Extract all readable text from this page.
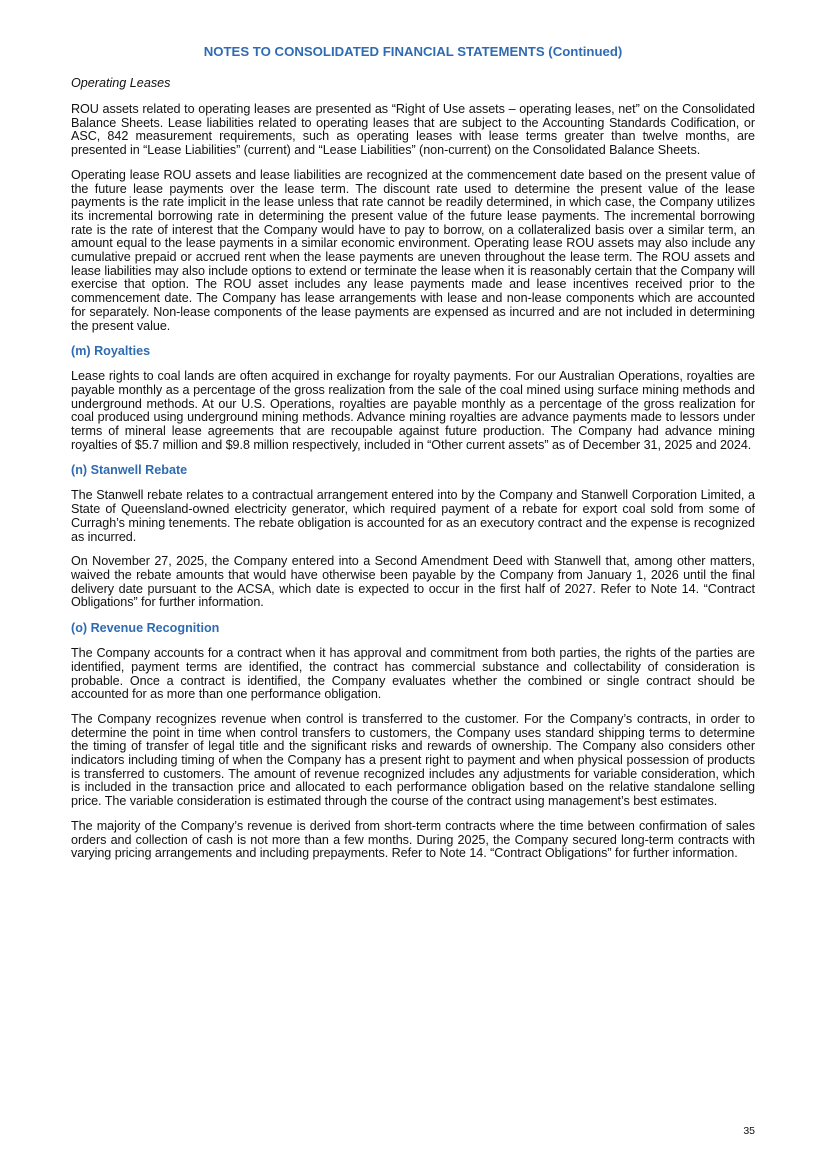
NOTES TO CONSOLIDATED FINANCIAL STATEMENTS (Continued)
Operating Leases

ROU assets related to operating leases are presented as “Right of Use assets – operating leases, net” on the Consolidated Balance Sheets. Lease liabilities related to operating leases that are subject to the Accounting Standards Codification, or ASC, 842 measurement requirements, such as operating leases with lease terms greater than twelve months, are presented in “Lease Liabilities” (current) and “Lease Liabilities” (non-current) on the Consolidated Balance Sheets.

Operating lease ROU assets and lease liabilities are recognized at the commencement date based on the present value of the future lease payments over the lease term. The discount rate used to determine the present value of the lease payments is the rate implicit in the lease unless that rate cannot be readily determined, in which case, the Company utilizes its incremental borrowing rate in determining the present value of the future lease payments. The incremental borrowing rate is the rate of interest that the Company would have to pay to borrow, on a collateralized basis over a similar term, an amount equal to the lease payments in a similar economic environment. Operating lease ROU assets may also include any cumulative prepaid or accrued rent when the lease payments are uneven throughout the lease term. The ROU assets and lease liabilities may also include options to extend or terminate the lease when it is reasonably certain that the Company will exercise that option. The ROU asset includes any lease payments made and lease incentives received prior to the commencement date. The Company has lease arrangements with lease and non-lease components which are accounted for separately. Non-lease components of the lease payments are expensed as incurred and are not included in determining the present value.

(m) Royalties

Lease rights to coal lands are often acquired in exchange for royalty payments. For our Australian Operations, royalties are payable monthly as a percentage of the gross realization from the sale of the coal mined using surface mining methods and underground methods. At our U.S. Operations, royalties are payable monthly as a percentage of the gross realization for coal produced using underground mining methods. Advance mining royalties are advance payments made to lessors under terms of mineral lease agreements that are recoupable against future production. The Company had advance mining royalties of $5.7 million and $9.8 million respectively, included in “Other current assets” as of December 31, 2025 and 2024.

(n) Stanwell Rebate

The Stanwell rebate relates to a contractual arrangement entered into by the Company and Stanwell Corporation Limited, a State of Queensland-owned electricity generator, which required payment of a rebate for export coal sold from some of Curragh’s mining tenements. The rebate obligation is accounted for as an executory contract and the expense is recognized as incurred.

On November 27, 2025, the Company entered into a Second Amendment Deed with Stanwell that, among other matters, waived the rebate amounts that would have otherwise been payable by the Company from January 1, 2026 until the final delivery date pursuant to the ACSA, which date is expected to occur in the first half of 2027. Refer to Note 14. “Contract Obligations” for further information.

(o) Revenue Recognition

The Company accounts for a contract when it has approval and commitment from both parties, the rights of the parties are identified, payment terms are identified, the contract has commercial substance and collectability of consideration is probable. Once a contract is identified, the Company evaluates whether the combined or single contract should be accounted for as more than one performance obligation.

The Company recognizes revenue when control is transferred to the customer. For the Company’s contracts, in order to determine the point in time when control transfers to customers, the Company uses standard shipping terms to determine the timing of transfer of legal title and the significant risks and rewards of ownership. The Company also considers other indicators including timing of when the Company has a present right to payment and when physical possession of products is transferred to customers. The amount of revenue recognized includes any adjustments for variable consideration, which is included in the transaction price and allocated to each performance obligation based on the relative standalone selling price. The variable consideration is estimated through the course of the contract using management’s best estimates.

The majority of the Company’s revenue is derived from short-term contracts where the time between confirmation of sales orders and collection of cash is not more than a few months. During 2025, the Company secured long-term contracts with varying pricing arrangements and including prepayments. Refer to Note 14. “Contract Obligations” for further information.

35
